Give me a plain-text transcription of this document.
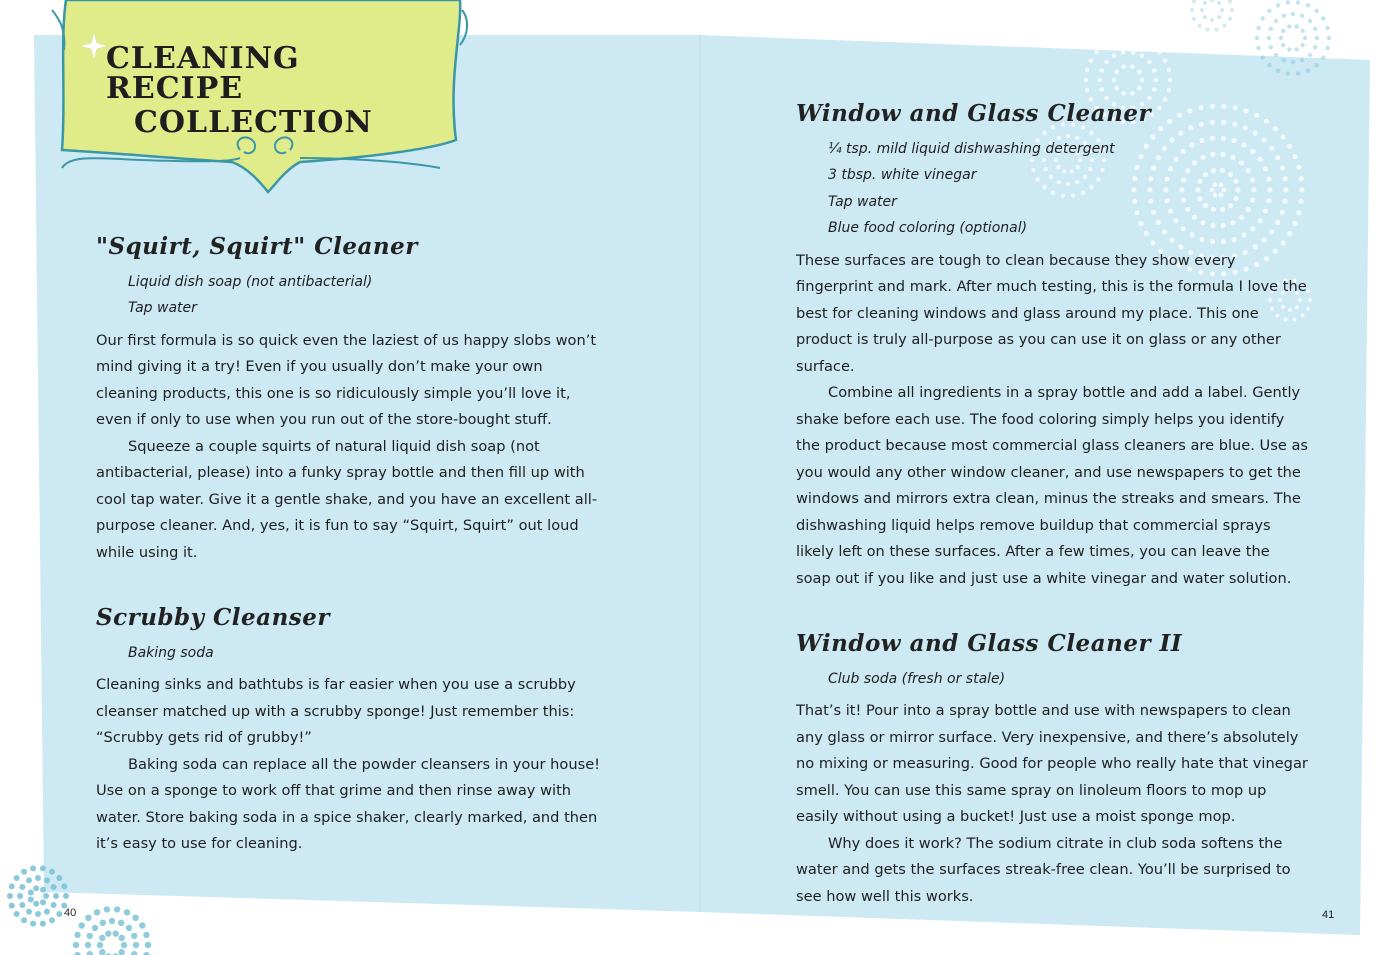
CLEANING RECIPE
COLLECTION
"Squirt, Squirt" Cleaner
Liquid dish soap (not antibacterial)
Tap water

Our first formula is so quick even the laziest of us happy slobs won’t mind giving it a try! Even if you usually don’t make your own cleaning products, this one is so ridiculously simple you’ll love it, even if only to use when you run out of the store-bought stuff.

Squeeze a couple squirts of natural liquid dish soap (not antibacterial, please) into a funky spray bottle and then fill up with cool tap water. Give it a gentle shake, and you have an excellent all-purpose cleaner. And, yes, it is fun to say “Squirt, Squirt” out loud while using it.

Scrubby Cleanser
Baking soda

Cleaning sinks and bathtubs is far easier when you use a scrubby cleanser matched up with a scrubby sponge! Just remember this: “Scrubby gets rid of grubby!”

Baking soda can replace all the powder cleansers in your house! Use on a sponge to work off that grime and then rinse away with water. Store baking soda in a spice shaker, clearly marked, and then it’s easy to use for cleaning.

Window and Glass Cleaner
¼ tsp. mild liquid dishwashing detergent
3 tbsp. white vinegar
Tap water
Blue food coloring (optional)

These surfaces are tough to clean because they show every fingerprint and mark. After much testing, this is the formula I love the best for cleaning windows and glass around my place. This one product is truly all-purpose as you can use it on glass or any other surface.

Combine all ingredients in a spray bottle and add a label. Gently shake before each use. The food coloring simply helps you identify the product because most commercial glass cleaners are blue. Use as you would any other window cleaner, and use newspapers to get the windows and mirrors extra clean, minus the streaks and smears. The dishwashing liquid helps remove buildup that commercial sprays likely left on these surfaces. After a few times, you can leave the soap out if you like and just use a white vinegar and water solution.

Window and Glass Cleaner II
Club soda (fresh or stale)

That’s it! Pour into a spray bottle and use with newspapers to clean any glass or mirror surface. Very inexpensive, and there’s absolutely no mixing or measuring. Good for people who really hate that vinegar smell. You can use this same spray on linoleum floors to mop up easily without using a bucket! Just use a moist sponge mop.

Why does it work? The sodium citrate in club soda softens the water and gets the surfaces streak-free clean. You’ll be surprised to see how well this works.

40	41
